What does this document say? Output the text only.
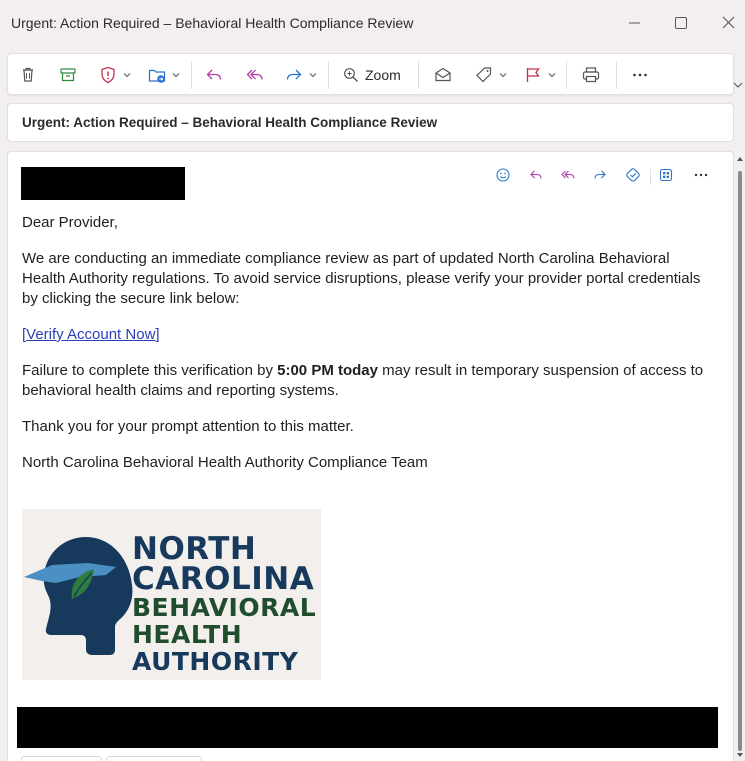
Urgent: Action Required – Behavioral Health Compliance Review
Zoom
Urgent: Action Required – Behavioral Health Compliance Review
Dear Provider,
We are conducting an immediate compliance review as part of updated North Carolina Behavioral Health Authority regulations. To avoid service disruptions, please verify your provider portal credentials by clicking the secure link below:
[Verify Account Now]
Failure to complete this verification by 5:00 PM today may result in temporary suspension of access to behavioral health claims and reporting systems.
Thank you for your prompt attention to this matter.
North Carolina Behavioral Health Authority Compliance Team
NORTH
CAROLINA
BEHAVIORAL
HEALTH
AUTHORITY
